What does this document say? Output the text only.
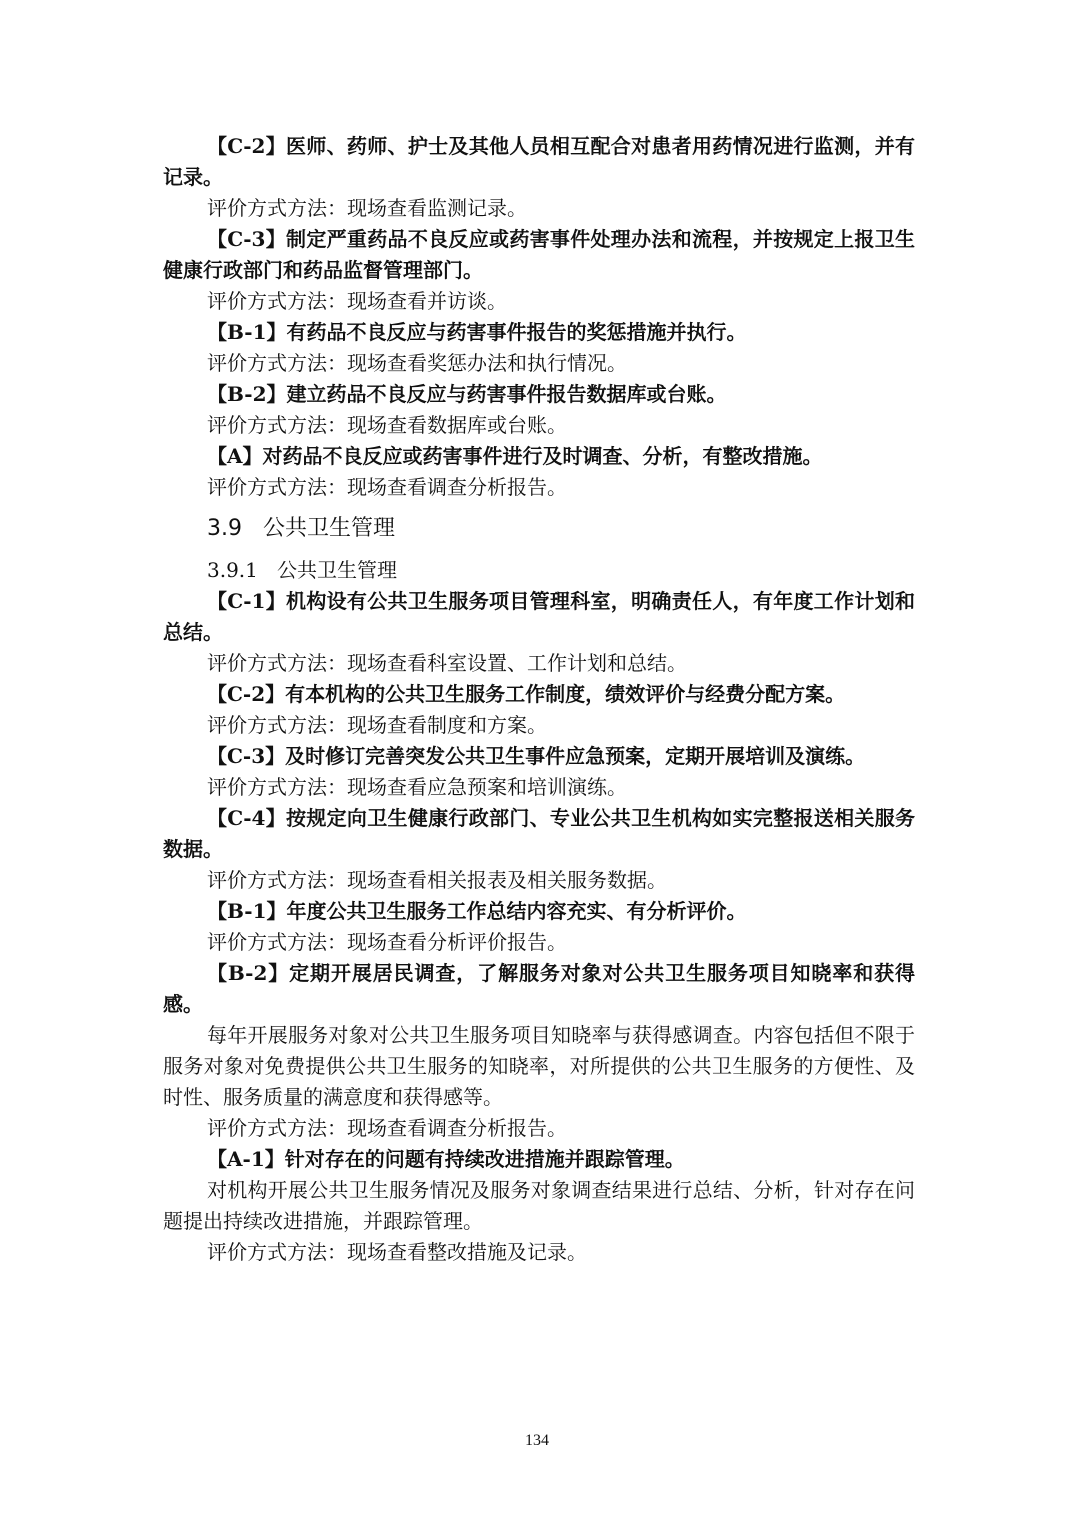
【C-2】医师、药师、护士及其他人员相互配合对患者用药情况进行监测，并有记录。

评价方式方法：现场查看监测记录。

【C-3】制定严重药品不良反应或药害事件处理办法和流程，并按规定上报卫生健康行政部门和药品监督管理部门。

评价方式方法：现场查看并访谈。

【B-1】有药品不良反应与药害事件报告的奖惩措施并执行。

评价方式方法：现场查看奖惩办法和执行情况。

【B-2】建立药品不良反应与药害事件报告数据库或台账。

评价方式方法：现场查看数据库或台账。

【A】对药品不良反应或药害事件进行及时调查、分析，有整改措施。

评价方式方法：现场查看调查分析报告。

3.9 公共卫生管理
3.9.1 公共卫生管理

【C-1】机构设有公共卫生服务项目管理科室，明确责任人，有年度工作计划和总结。

评价方式方法：现场查看科室设置、工作计划和总结。

【C-2】有本机构的公共卫生服务工作制度，绩效评价与经费分配方案。

评价方式方法：现场查看制度和方案。

【C-3】及时修订完善突发公共卫生事件应急预案，定期开展培训及演练。

评价方式方法：现场查看应急预案和培训演练。

【C-4】按规定向卫生健康行政部门、专业公共卫生机构如实完整报送相关服务数据。

评价方式方法：现场查看相关报表及相关服务数据。

【B-1】年度公共卫生服务工作总结内容充实、有分析评价。

评价方式方法：现场查看分析评价报告。

【B-2】定期开展居民调查，了解服务对象对公共卫生服务项目知晓率和获得感。

每年开展服务对象对公共卫生服务项目知晓率与获得感调查。内容包括但不限于服务对象对免费提供公共卫生服务的知晓率，对所提供的公共卫生服务的方便性、及时性、服务质量的满意度和获得感等。

评价方式方法：现场查看调查分析报告。

【A-1】针对存在的问题有持续改进措施并跟踪管理。

对机构开展公共卫生服务情况及服务对象调查结果进行总结、分析，针对存在问题提出持续改进措施，并跟踪管理。

评价方式方法：现场查看整改措施及记录。

134
